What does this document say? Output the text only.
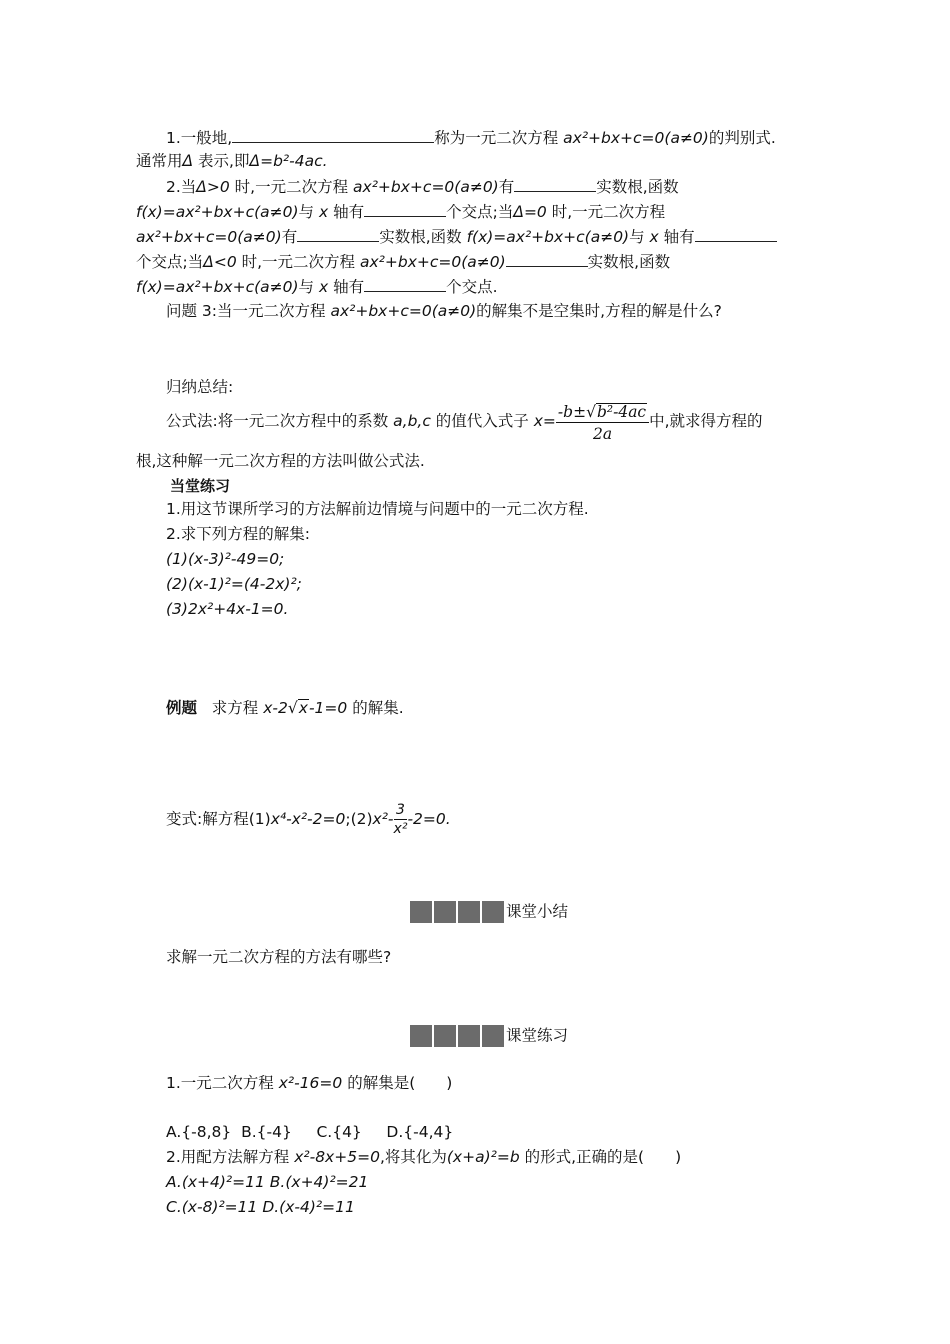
1.一般地,	称为一元二次方程 ax²+bx+c=0(a≠0)的判别式.
通常用Δ 表示,即Δ=b²-4ac.
2.当Δ>0 时,一元二次方程 ax²+bx+c=0(a≠0)有	实数根,函数
f(x)=ax²+bx+c(a≠0)与 x 轴有	个交点;当Δ=0 时,一元二次方程
ax²+bx+c=0(a≠0)有	实数根,函数 f(x)=ax²+bx+c(a≠0)与 x 轴有
个交点;当Δ<0 时,一元二次方程 ax²+bx+c=0(a≠0)	实数根,函数
f(x)=ax²+bx+c(a≠0)与 x 轴有	个交点.
问题 3:当一元二次方程 ax²+bx+c=0(a≠0)的解集不是空集时,方程的解是什么?
归纳总结:
公式法:将一元二次方程中的系数 a,b,c 的值代入式子 $x= \frac{\text{-b±√b²-4ac}}{2a}$ 中,就求得方程的
根,这种解一元二次方程的方法叫做公式法.
当堂练习
1.用这节课所学习的方法解前边情境与问题中的一元二次方程.
2.求下列方程的解集:
(1)(x-3)²-49=0;
(2)(x-1)²=(4-2x)²;
(3)2x²+4x-1=0.
例题 求方程 x-2√x-1=0 的解集.
变式:解方程(1)x⁴-x²-2=0;(2)x²- $\frac{3}{\text{x²}} -2=0$.
课堂小结
求解一元二次方程的方法有哪些?
课堂练习
1.一元二次方程 x²-16=0 的解集是(　　)
A.{-8,8}  B.{-4}     C.{4}     D.{-4,4}
2.用配方法解方程 x²-8x+5=0,将其化为(x+a)²=b 的形式,正确的是(　　)
A.(x+4)²=11 B.(x+4)²=21
C.(x-8)²=11 D.(x-4)²=11
